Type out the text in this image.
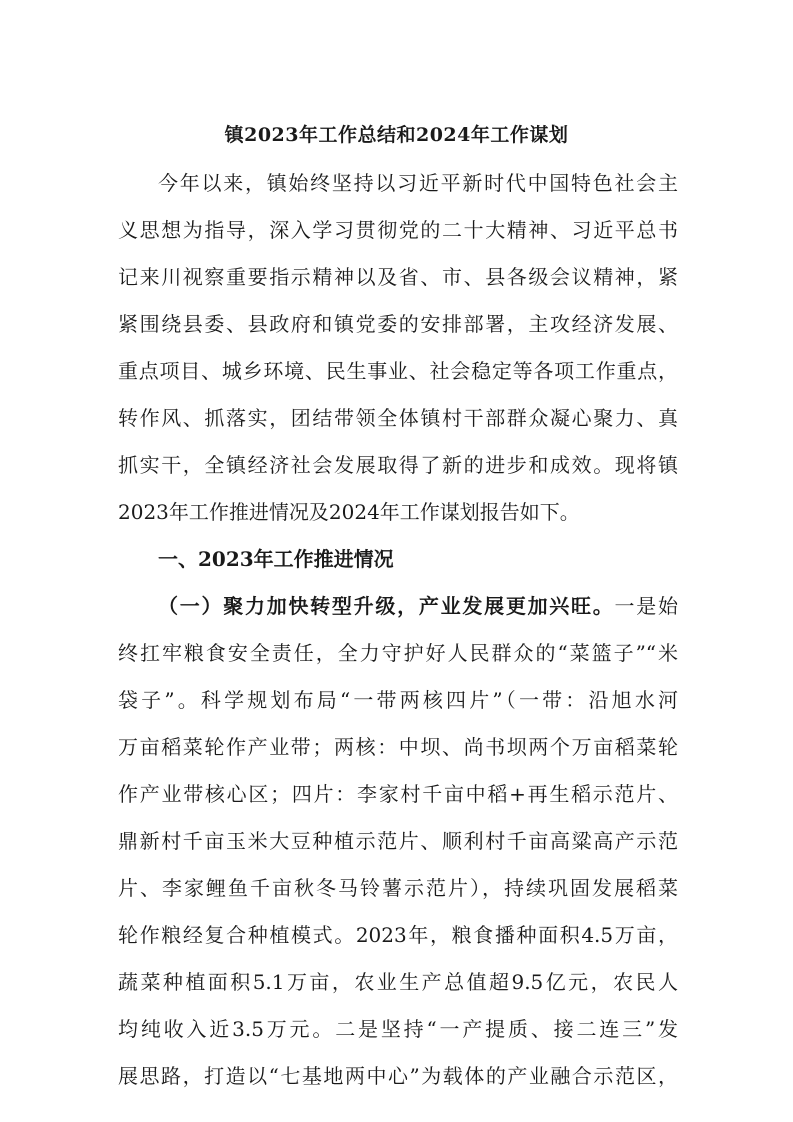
镇2023年工作总结和2024年工作谋划
今年以来，镇始终坚持以习近平新时代中国特色社会主
义思想为指导，深入学习贯彻党的二十大精神、习近平总书
记来川视察重要指示精神以及省、市、县各级会议精神，紧
紧围绕县委、县政府和镇党委的安排部署，主攻经济发展、
重点项目、城乡环境、民生事业、社会稳定等各项工作重点，
转作风、抓落实，团结带领全体镇村干部群众凝心聚力、真
抓实干，全镇经济社会发展取得了新的进步和成效。现将镇
2023年工作推进情况及2024年工作谋划报告如下。
一、2023年工作推进情况
（一）聚力加快转型升级，产业发展更加兴旺。一是始
终扛牢粮食安全责任，全力守护好人民群众的“菜篮子”“米
袋子”。科学规划布局“一带两核四片”（一带：沿旭水河
万亩稻菜轮作产业带；两核：中坝、尚书坝两个万亩稻菜轮
作产业带核心区；四片：李家村千亩中稻+再生稻示范片、
鼎新村千亩玉米大豆种植示范片、顺利村千亩高粱高产示范
片、李家鲤鱼千亩秋冬马铃薯示范片），持续巩固发展稻菜
轮作粮经复合种植模式。2023年，粮食播种面积4.5万亩，
蔬菜种植面积5.1万亩，农业生产总值超9.5亿元，农民人
均纯收入近3.5万元。二是坚持“一产提质、接二连三”发
展思路，打造以“七基地两中心”为载体的产业融合示范区，
